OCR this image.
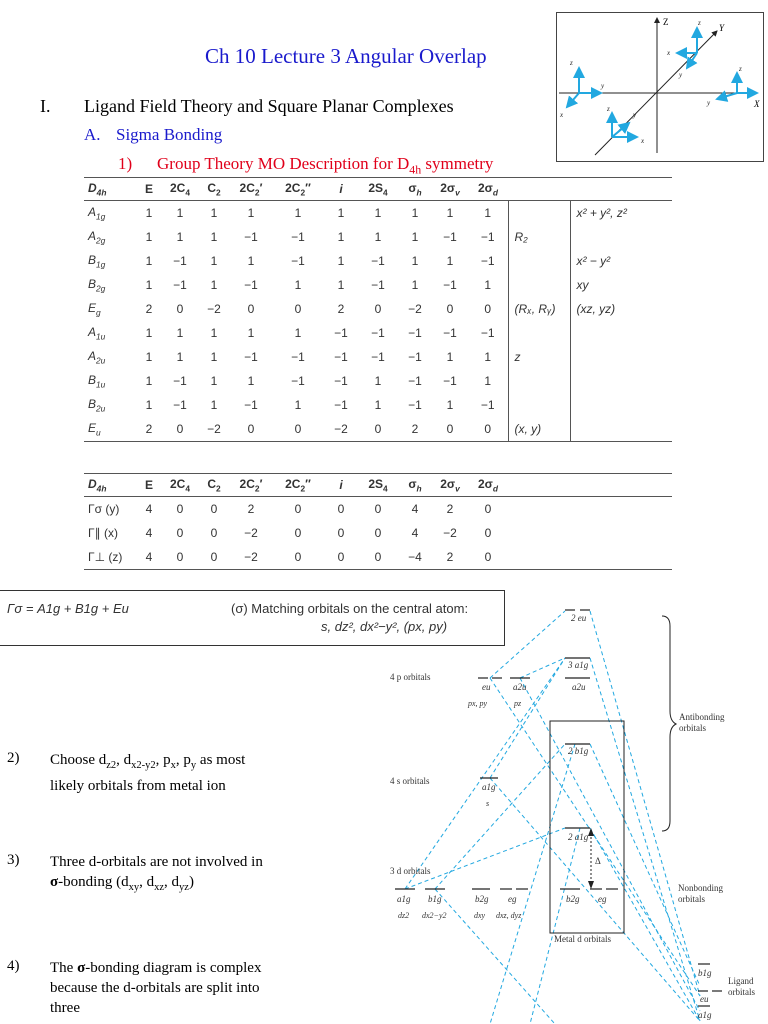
Ch 10 Lecture 3 Angular Overlap
I. Ligand Field Theory and Square Planar Complexes
A. Sigma Bonding
1) Group Theory MO Description for $D_{4h}$ symmetry
Z
Y
X
z
y
x
z
x
y
z
y
z
y
x
$D_{4h}$	E	$2C_4$	$C_2$	$2C_2'$	$2C_2''$	i	$2S_4$	$\sigma_h$	$2\sigma_v$	$2\sigma_d$		
$A_{1g}$	1	1	1	1	1	1	1	1	1	1		x² + y², z²
$A_{2g}$	1	1	1	−1	−1	1	1	1	−1	−1	R₂	
$B_{1g}$	1	−1	1	1	−1	1	−1	1	1	−1		x² − y²
$B_{2g}$	1	−1	1	−1	1	1	−1	1	−1	1		xy
$E_g$	2	0	−2	0	0	2	0	−2	0	0	(Rₓ, Rᵧ)	(xz, yz)
$A_{1u}$	1	1	1	1	1	−1	−1	−1	−1	−1		
$A_{2u}$	1	1	1	−1	−1	−1	−1	−1	1	1	z	
$B_{1u}$	1	−1	1	1	−1	−1	1	−1	−1	1		
$B_{2u}$	1	−1	1	−1	1	−1	1	−1	1	−1		
$E_u$	2	0	−2	0	0	−2	0	2	0	0	(x, y)	
$D_{4h}$	E	$2C_4$	$C_2$	$2C_2'$	$2C_2''$	i	$2S_4$	$\sigma_h$	$2\sigma_v$	$2\sigma_d$	
Γσ (y)	4	0	0	2	0	0	0	4	2	0	
Γ∥ (x)	4	0	0	−2	0	0	0	4	−2	0	
Γ⊥ (z)	4	0	0	−2	0	0	0	−4	2	0	
Γσ = A1g + B1g + Eu	(σ) Matching orbitals on the central atom:
s, dz², dx²−y², (px, py)
2) Choose $d_{z2}$, $d_{x2-y2}$, $p_x$, $p_y$ as most likely orbitals from metal ion
3) Three d-orbitals are not involved in σ-bonding ($d_{xy}$, $d_{xz}$, $d_{yz}$)
4) The σ-bonding diagram is complex because the d-orbitals are split into three
Δ
4 p orbitals
4 s orbitals
3 d orbitals
Antibonding
orbitals
Nonbonding
orbitals
Ligand
orbitals
Metal d orbitals
2 eu
3 a1g
a2u
2 b1g
2 a1g
b2g eg
b1g
eu
a1g
eu	a2u
a1g
a1g b1g	b2g eg
px, py	pz
s
dz2 dx2−y2	dxy dxz, dyz
